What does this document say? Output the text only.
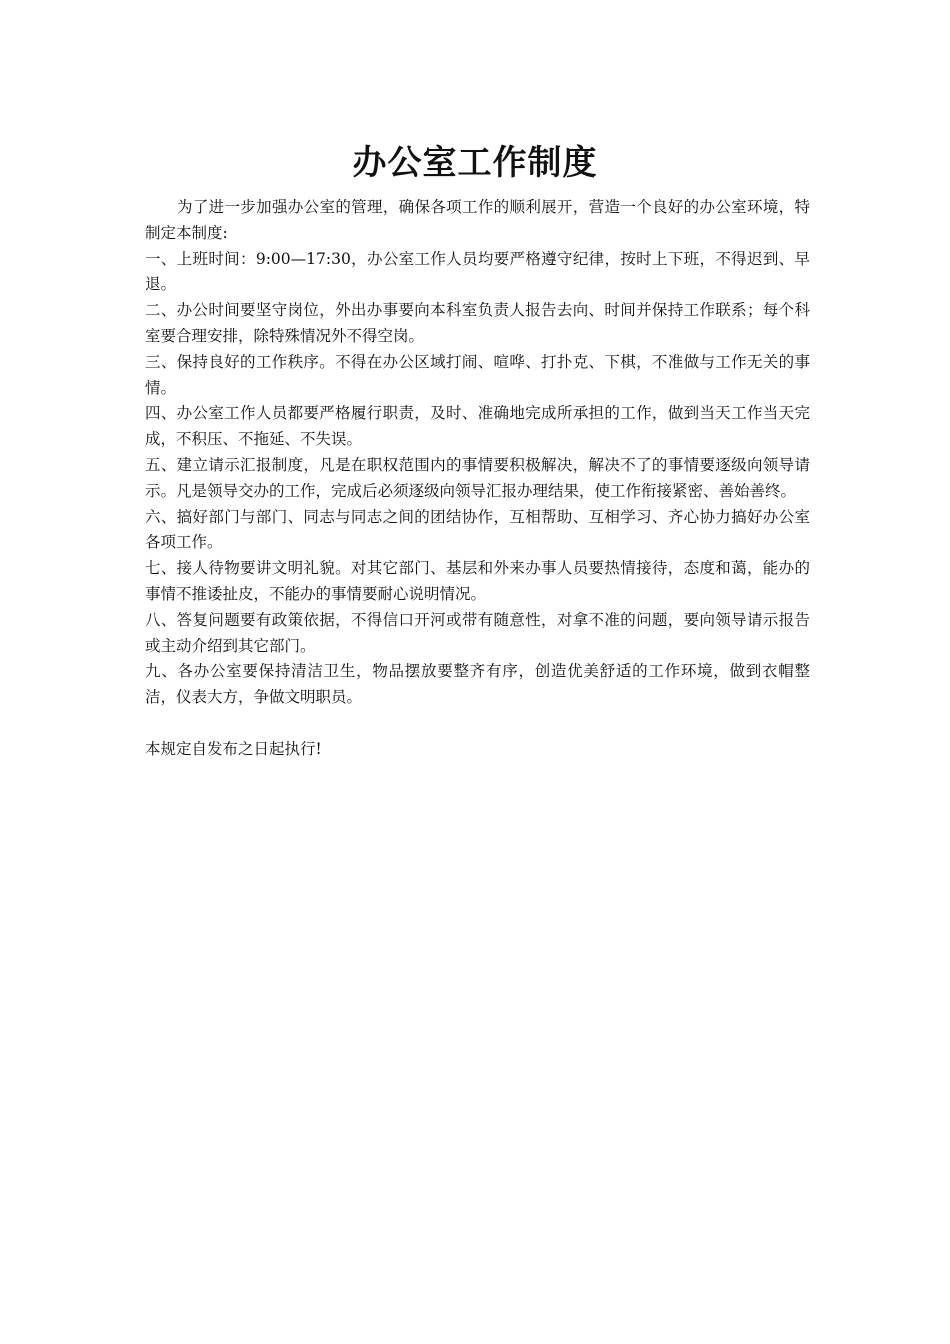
办公室工作制度

为了进一步加强办公室的管理，确保各项工作的顺利展开，营造一个良好的办公室环境，特制定本制度:

一、上班时间：9:00—17:30，办公室工作人员均要严格遵守纪律，按时上下班，不得迟到、早退。

二、办公时间要坚守岗位，外出办事要向本科室负责人报告去向、时间并保持工作联系；每个科室要合理安排，除特殊情况外不得空岗。

三、保持良好的工作秩序。不得在办公区域打闹、喧哗、打扑克、下棋，不准做与工作无关的事情。

四、办公室工作人员都要严格履行职责，及时、准确地完成所承担的工作，做到当天工作当天完成，不积压、不拖延、不失误。

五、建立请示汇报制度，凡是在职权范围内的事情要积极解决，解决不了的事情要逐级向领导请示。凡是领导交办的工作，完成后必须逐级向领导汇报办理结果，使工作衔接紧密、善始善终。

六、搞好部门与部门、同志与同志之间的团结协作，互相帮助、互相学习、齐心协力搞好办公室各项工作。

七、接人待物要讲文明礼貌。对其它部门、基层和外来办事人员要热情接待，态度和蔼，能办的事情不推诿扯皮，不能办的事情要耐心说明情况。

八、答复问题要有政策依据，不得信口开河或带有随意性，对拿不准的问题，要向领导请示报告或主动介绍到其它部门。

九、各办公室要保持清洁卫生，物品摆放要整齐有序，创造优美舒适的工作环境，做到衣帽整洁，仪表大方，争做文明职员。

本规定自发布之日起执行!
